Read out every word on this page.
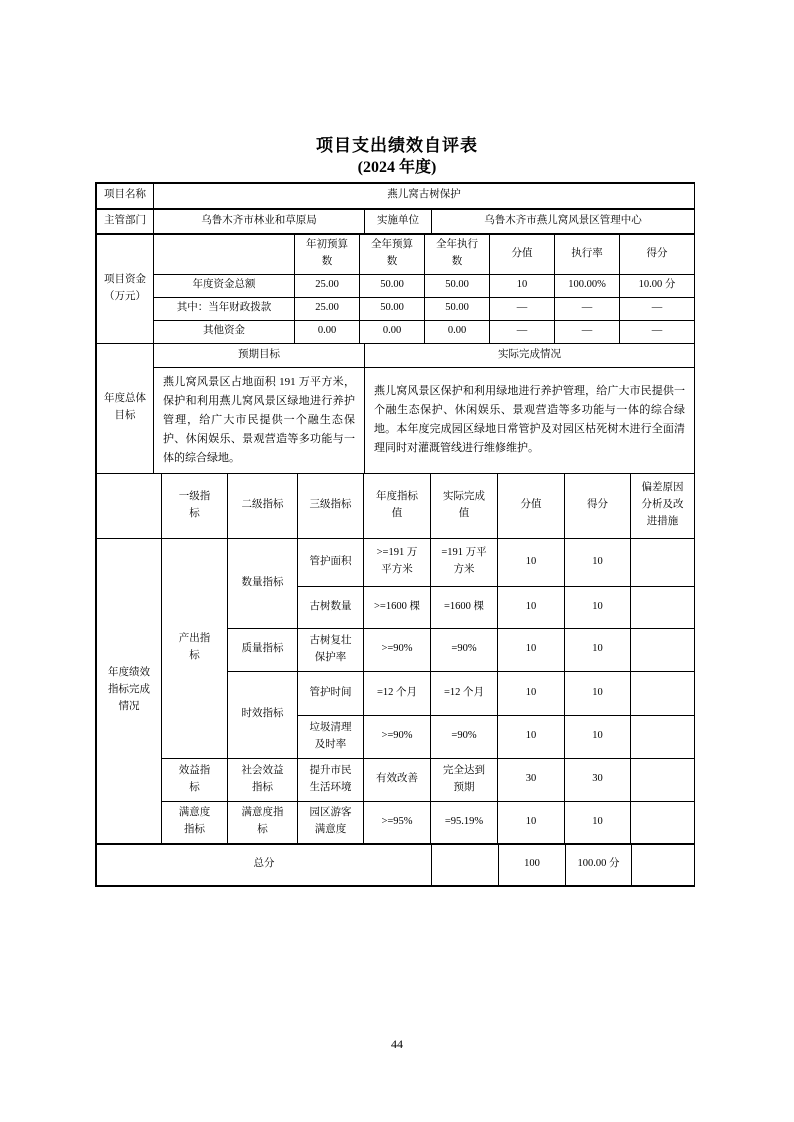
项目支出绩效自评表
(2024 年度)
项目名称	燕儿窝古树保护		
主管部门	乌鲁木齐市林业和草原局	实施单位	乌鲁木齐市燕儿窝风景区管理中心
项目资金（万元）		年初预算数	全年预算数	全年执行数	分值	执行率	得分
	年度资金总额	25.00	50.00	50.00	10	100.00%	10.00 分
	其中：当年财政拨款	25.00	50.00	50.00	—	—	—
	其他资金	0.00	0.00	0.00	—	—	—
年度总体目标	预期目标	实际完成情况
	燕儿窝风景区占地面积 191 万平方米，保护和利用燕儿窝风景区绿地进行养护管理，给广大市民提供一个融生态保护、休闲娱乐、景观营造等多功能与一体的综合绿地。	燕儿窝风景区保护和利用绿地进行养护管理，给广大市民提供一个融生态保护、休闲娱乐、景观营造等多功能与一体的综合绿地。本年度完成园区绿地日常管护及对园区枯死树木进行全面清理同时对灌溉管线进行维修维护。
	一级指标	二级指标	三级指标	年度指标值	实际完成值	分值	得分	偏差原因分析及改进措施
年度绩效指标完成情况	产出指标	数量指标	管护面积	>=191 万平方米	=191 万平方米	10	10	
			古树数量	>=1600 棵	=1600 棵	10	10	
		质量指标	古树复壮保护率	>=90%	=90%	10	10	
		时效指标	管护时间	=12 个月	=12 个月	10	10	
			垃圾清理及时率	>=90%	=90%	10	10	
	效益指标	社会效益指标	提升市民生活环境	有效改善	完全达到预期	30	30	
	满意度指标	满意度指标	园区游客满意度	>=95%	=95.19%	10	10	
总分		100	100.00 分	
44
